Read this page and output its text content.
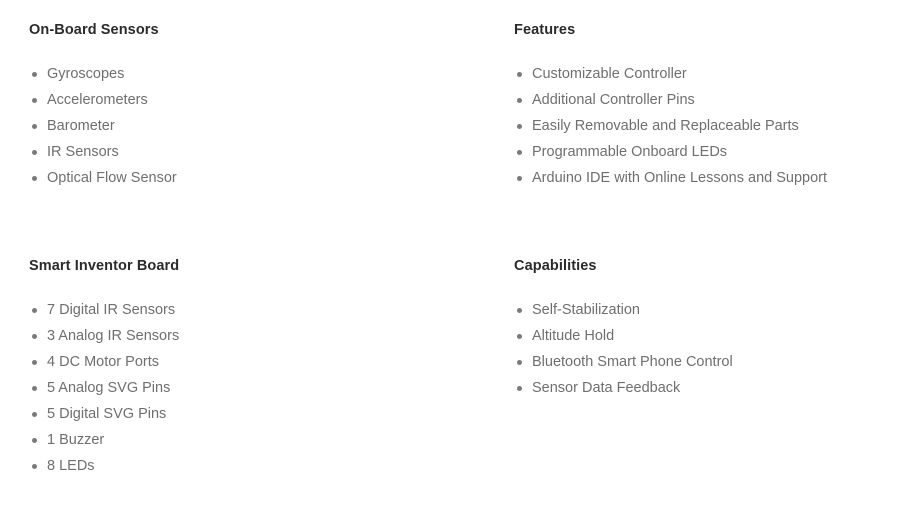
On-Board Sensors
Gyroscopes
Accelerometers
Barometer
IR Sensors
Optical Flow Sensor
Features
Customizable Controller
Additional Controller Pins
Easily Removable and Replaceable Parts
Programmable Onboard LEDs
Arduino IDE with Online Lessons and Support
Smart Inventor Board
7 Digital IR Sensors
3 Analog IR Sensors
4 DC Motor Ports
5 Analog SVG Pins
5 Digital SVG Pins
1 Buzzer
8 LEDs
Capabilities
Self-Stabilization
Altitude Hold
Bluetooth Smart Phone Control
Sensor Data Feedback
